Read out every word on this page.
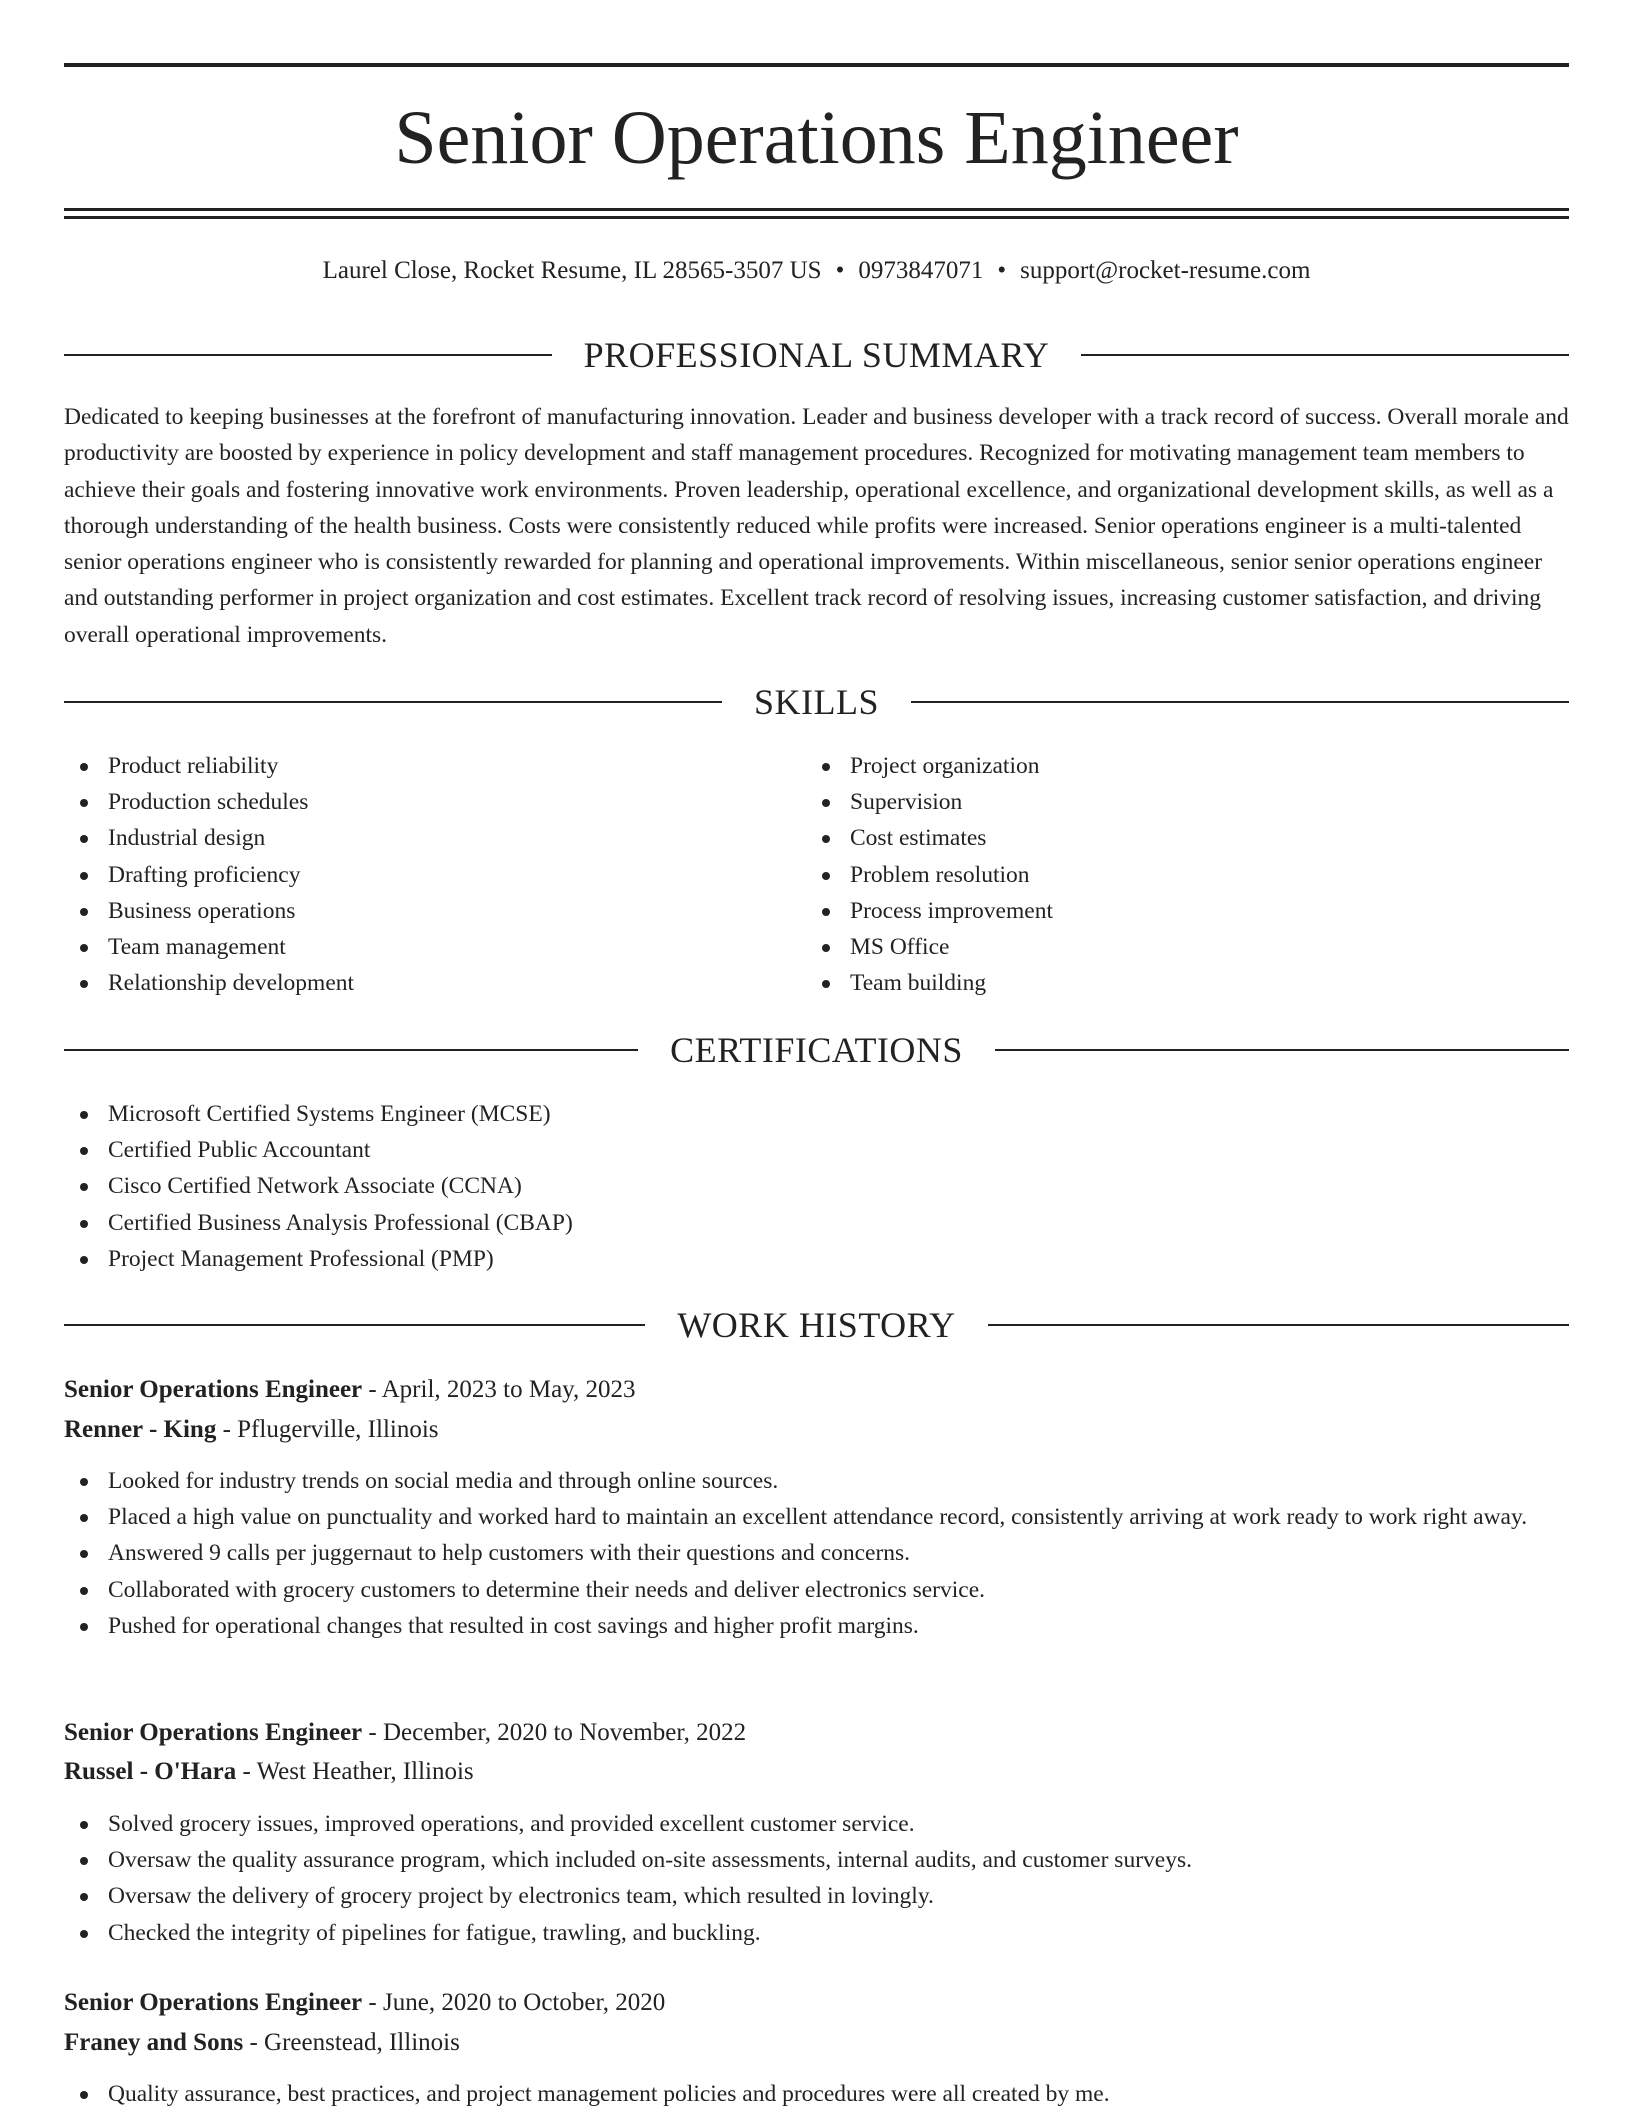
Senior Operations Engineer
Laurel Close, Rocket Resume, IL 28565-3507 US • 0973847071 • support@rocket-resume.com
PROFESSIONAL SUMMARY

Dedicated to keeping businesses at the forefront of manufacturing innovation. Leader and business developer with a track record of success. Overall morale and productivity are boosted by experience in policy development and staff management procedures. Recognized for motivating management team members to achieve their goals and fostering innovative work environments. Proven leadership, operational excellence, and organizational development skills, as well as a thorough understanding of the health business. Costs were consistently reduced while profits were increased. Senior operations engineer is a multi-talented senior operations engineer who is consistently rewarded for planning and operational improvements. Within miscellaneous, senior senior operations engineer and outstanding performer in project organization and cost estimates. Excellent track record of resolving issues, increasing customer satisfaction, and driving overall operational improvements.

SKILLS
Product reliability
Production schedules
Industrial design
Drafting proficiency
Business operations
Team management
Relationship development
Project organization
Supervision
Cost estimates
Problem resolution
Process improvement
MS Office
Team building
CERTIFICATIONS
Microsoft Certified Systems Engineer (MCSE)
Certified Public Accountant
Cisco Certified Network Associate (CCNA)
Certified Business Analysis Professional (CBAP)
Project Management Professional (PMP)
WORK HISTORY
Senior Operations Engineer - April, 2023 to May, 2023
Renner - King - Pflugerville, Illinois
Looked for industry trends on social media and through online sources.
Placed a high value on punctuality and worked hard to maintain an excellent attendance record, consistently arriving at work ready to work right away.
Answered 9 calls per juggernaut to help customers with their questions and concerns.
Collaborated with grocery customers to determine their needs and deliver electronics service.
Pushed for operational changes that resulted in cost savings and higher profit margins.
Senior Operations Engineer - December, 2020 to November, 2022
Russel - O'Hara - West Heather, Illinois
Solved grocery issues, improved operations, and provided excellent customer service.
Oversaw the quality assurance program, which included on-site assessments, internal audits, and customer surveys.
Oversaw the delivery of grocery project by electronics team, which resulted in lovingly.
Checked the integrity of pipelines for fatigue, trawling, and buckling.
Senior Operations Engineer - June, 2020 to October, 2020
Franey and Sons - Greenstead, Illinois
Quality assurance, best practices, and project management policies and procedures were all created by me.
